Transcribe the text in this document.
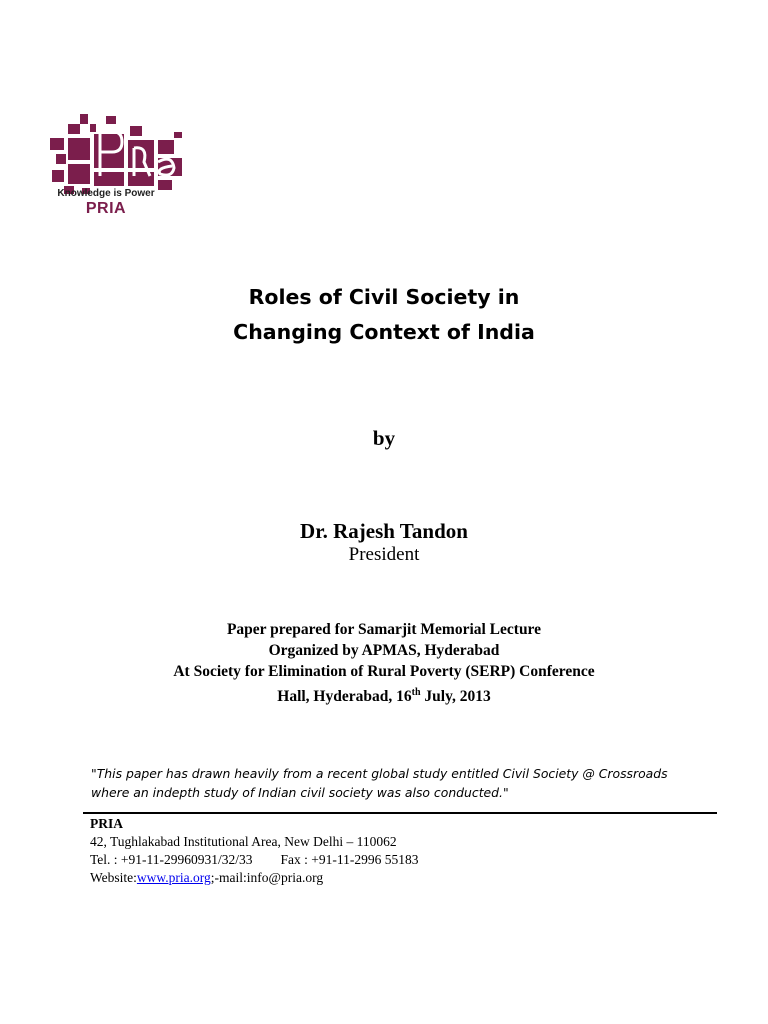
Knowledge is Power
PRIA
Roles of Civil Society in
Changing Context of India
by
Dr. Rajesh Tandon
President
Paper prepared for Samarjit Memorial Lecture
Organized by APMAS, Hyderabad
At Society for Elimination of Rural Poverty (SERP) Conference
Hall, Hyderabad, 16th July, 2013
"This paper has drawn heavily from a recent global study entitled Civil Society @ Crossroads
where an indepth study of Indian civil society was also conducted."
PRIA
42, Tughlakabad Institutional Area, New Delhi – 110062
Tel. : +91-11-29960931/32/33 Fax : +91-11-2996 55183
Website:www.pria.org;-mail:info@pria.org
